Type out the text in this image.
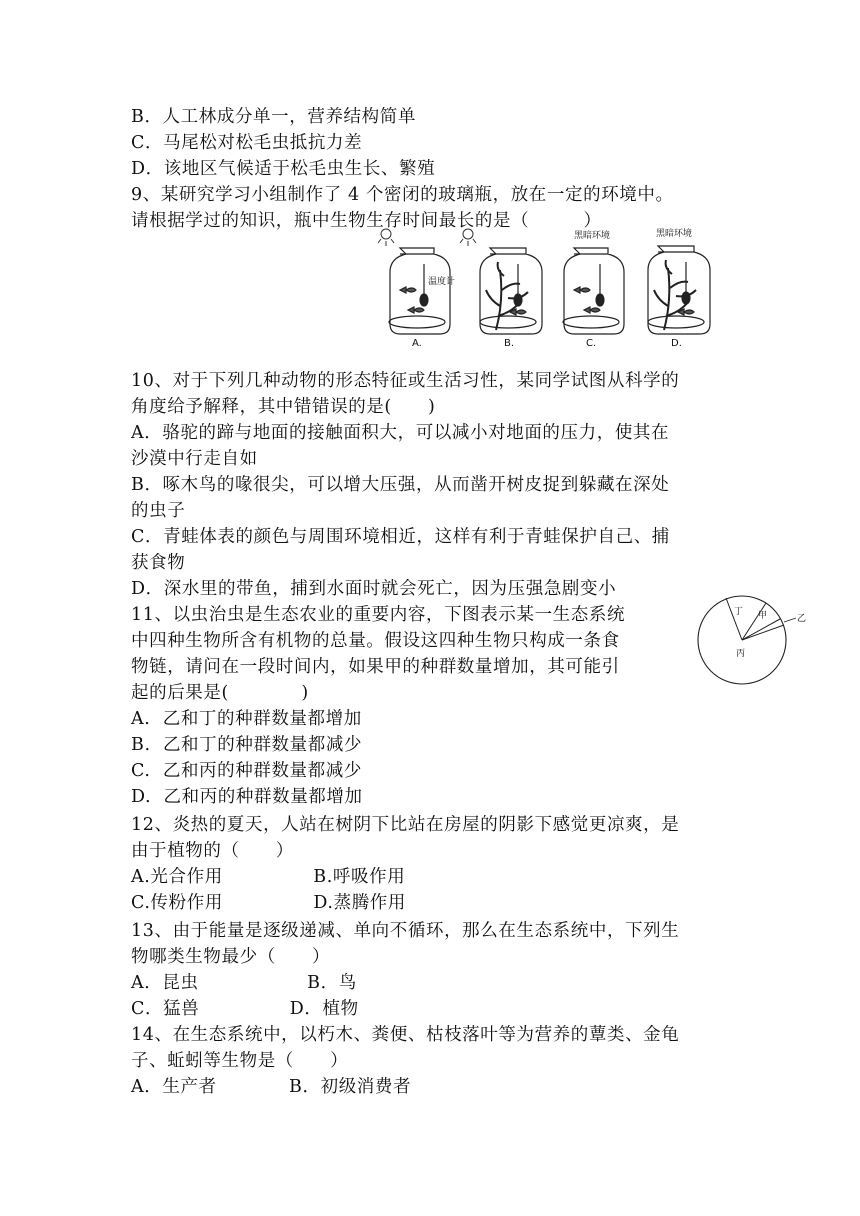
B．人工林成分单一，营养结构简单
C．马尾松对松毛虫抵抗力差
D．该地区气候适于松毛虫生长、繁殖
9、某研究学习小组制作了 4 个密闭的玻璃瓶，放在一定的环境中。
请根据学过的知识，瓶中生物生存时间最长的是（　　　）
黑暗环境	黑暗环境
温度计
A.	B.	C.	D.
10、对于下列几种动物的形态特征或生活习性，某同学试图从科学的
角度给予解释，其中错错误的是(　　)
A．骆驼的蹄与地面的接触面积大，可以减小对地面的压力，使其在
沙漠中行走自如
B．啄木鸟的喙很尖，可以增大压强，从而凿开树皮捉到躲藏在深处
的虫子
C．青蛙体表的颜色与周围环境相近，这样有利于青蛙保护自己、捕
获食物
D．深水里的带鱼，捕到水面时就会死亡，因为压强急剧变小
11、以虫治虫是生态农业的重要内容，下图表示某一生态系统
中四种生物所含有机物的总量。假设这四种生物只构成一条食
物链，请问在一段时间内，如果甲的种群数量增加，其可能引
起的后果是(　　　　)
A.  乙和丁的种群数量都增加
B.  乙和丁的种群数量都减少
C.  乙和丙的种群数量都减少
D.  乙和丙的种群数量都增加
丁 甲	乙
丙
12、炎热的夏天，人站在树阴下比站在房屋的阴影下感觉更凉爽，是
由于植物的（　　）
A.光合作用　　　　　B.呼吸作用
C.传粉作用　　　　　D.蒸腾作用
13、由于能量是逐级递减、单向不循环，那么在生态系统中，下列生
物哪类生物最少（　　）
A．昆虫　　　　　　B．鸟
C．猛兽　　　　　D．植物
14、在生态系统中，以朽木、粪便、枯枝落叶等为营养的蕈类、金龟
子、蚯蚓等生物是（　　）
A．生产者　　　　B．初级消费者
